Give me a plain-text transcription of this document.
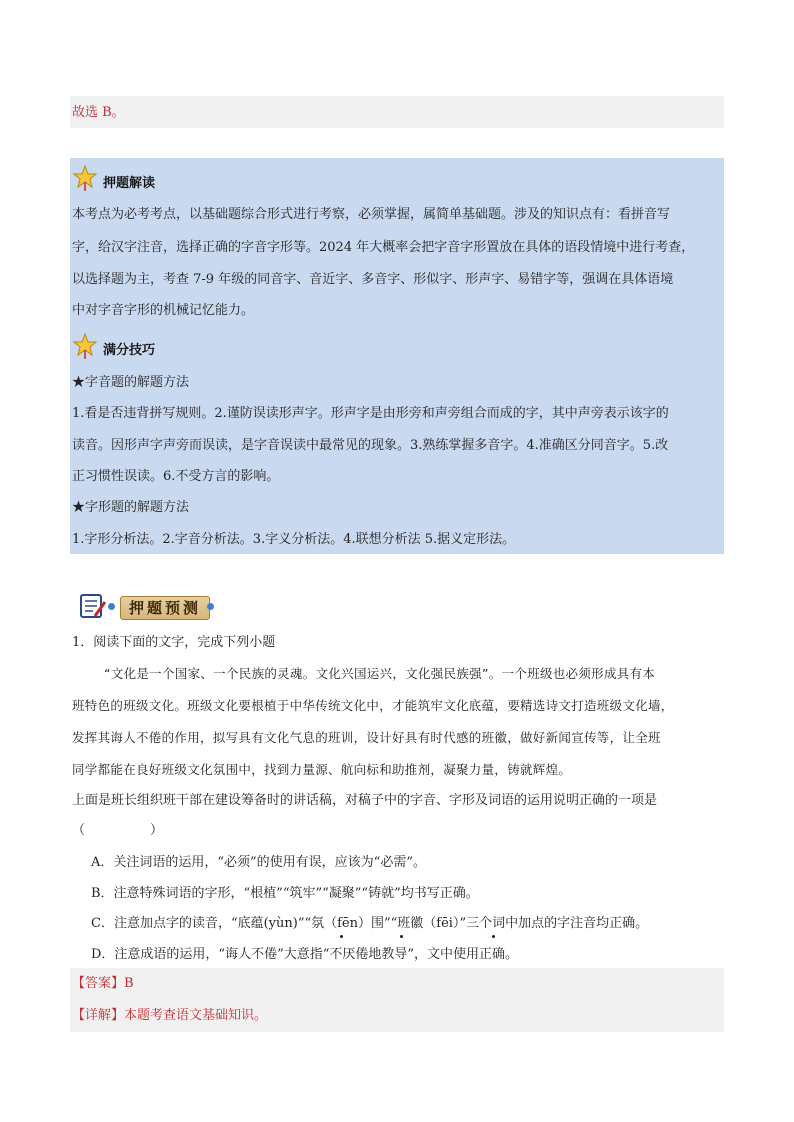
故选 B。
押题解读
本考点为必考考点，以基础题综合形式进行考察，必须掌握，属简单基础题。涉及的知识点有：看拼音写
字，给汉字注音，选择正确的字音字形等。2024 年大概率会把字音字形置放在具体的语段情境中进行考查，
以选择题为主，考查 7-9 年级的同音字、音近字、多音字、形似字、形声字、易错字等，强调在具体语境
中对字音字形的机械记忆能力。
满分技巧
★字音题的解题方法
1.看是否违背拼写规则。2.谨防误读形声字。形声字是由形旁和声旁组合而成的字，其中声旁表示该字的
读音。因形声字声旁而误读，是字音误读中最常见的现象。3.熟练掌握多音字。4.准确区分同音字。5.改
正习惯性误读。6.不受方言的影响。
★字形题的解题方法
1.字形分析法。2.字音分析法。3.字义分析法。4.联想分析法 5.据义定形法。
押题预测
1．阅读下面的文字，完成下列小题
“文化是一个国家、一个民族的灵魂。文化兴国运兴，文化强民族强”。一个班级也必须形成具有本
班特色的班级文化。班级文化要根植于中华传统文化中，才能筑牢文化底蕴，要精选诗文打造班级文化墙，
发挥其诲人不倦的作用，拟写具有文化气息的班训，设计好具有时代感的班徽，做好新闻宣传等，让全班
同学都能在良好班级文化氛围中，找到力量源、航向标和助推剂，凝聚力量，铸就辉煌。
上面是班长组织班干部在建设筹备时的讲话稿，对稿子中的字音、字形及词语的运用说明正确的一项是
（　　　　　）
A．关注词语的运用，“必须”的使用有误，应该为“必需”。
B．注意特殊词语的字形，“根植”“筑牢”“凝聚”“铸就”均书写正确。
C．注意加点字的读音，“底蕴(yùn)”“氛（fēn）围”“班徽（fēi）”三个词中加点的字注音均正确。
D．注意成语的运用，“诲人不倦”大意指“不厌倦地教导”，文中使用正确。
【答案】B
【详解】本题考查语文基础知识。
